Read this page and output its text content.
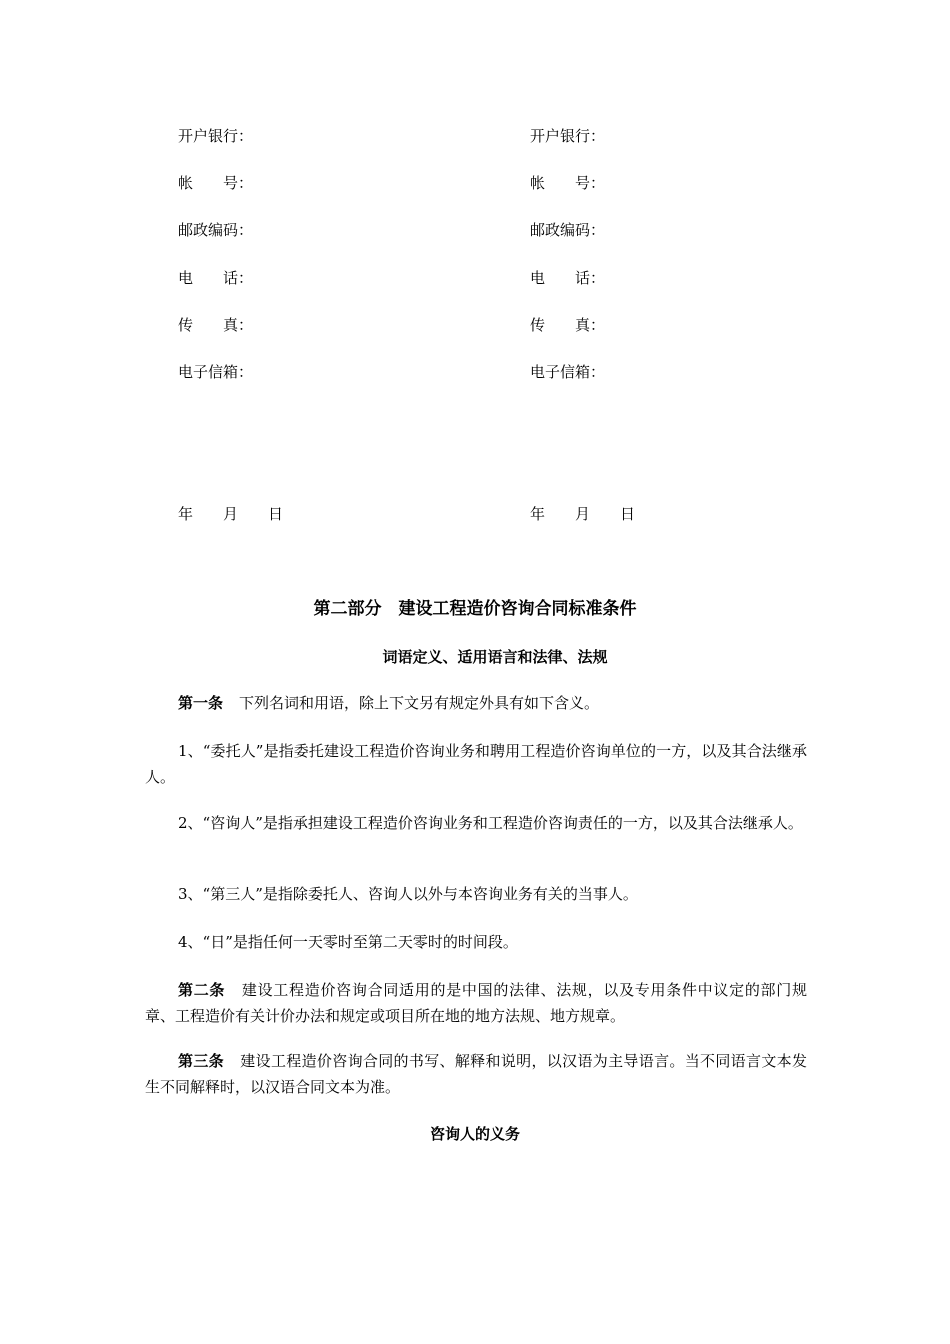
开户银行：
帐　　号：
邮政编码：
电　　话：
传　　真：
电子信箱：
年　　月　　日
开户银行：
帐　　号：
邮政编码：
电　　话：
传　　真：
电子信箱：
年　　月　　日
第二部分　建设工程造价咨询合同标准条件
词语定义、适用语言和法律、法规
第一条 下列名词和用语，除上下文另有规定外具有如下含义。
1、“委托人”是指委托建设工程造价咨询业务和聘用工程造价咨询单位的一方，以及其合法继承人。
2、“咨询人”是指承担建设工程造价咨询业务和工程造价咨询责任的一方，以及其合法继承人。
3、“第三人”是指除委托人、咨询人以外与本咨询业务有关的当事人。
4、“日”是指任何一天零时至第二天零时的时间段。
第二条 建设工程造价咨询合同适用的是中国的法律、法规，以及专用条件中议定的部门规章、工程造价有关计价办法和规定或项目所在地的地方法规、地方规章。
第三条 建设工程造价咨询合同的书写、解释和说明，以汉语为主导语言。当不同语言文本发生不同解释时，以汉语合同文本为准。
咨询人的义务
